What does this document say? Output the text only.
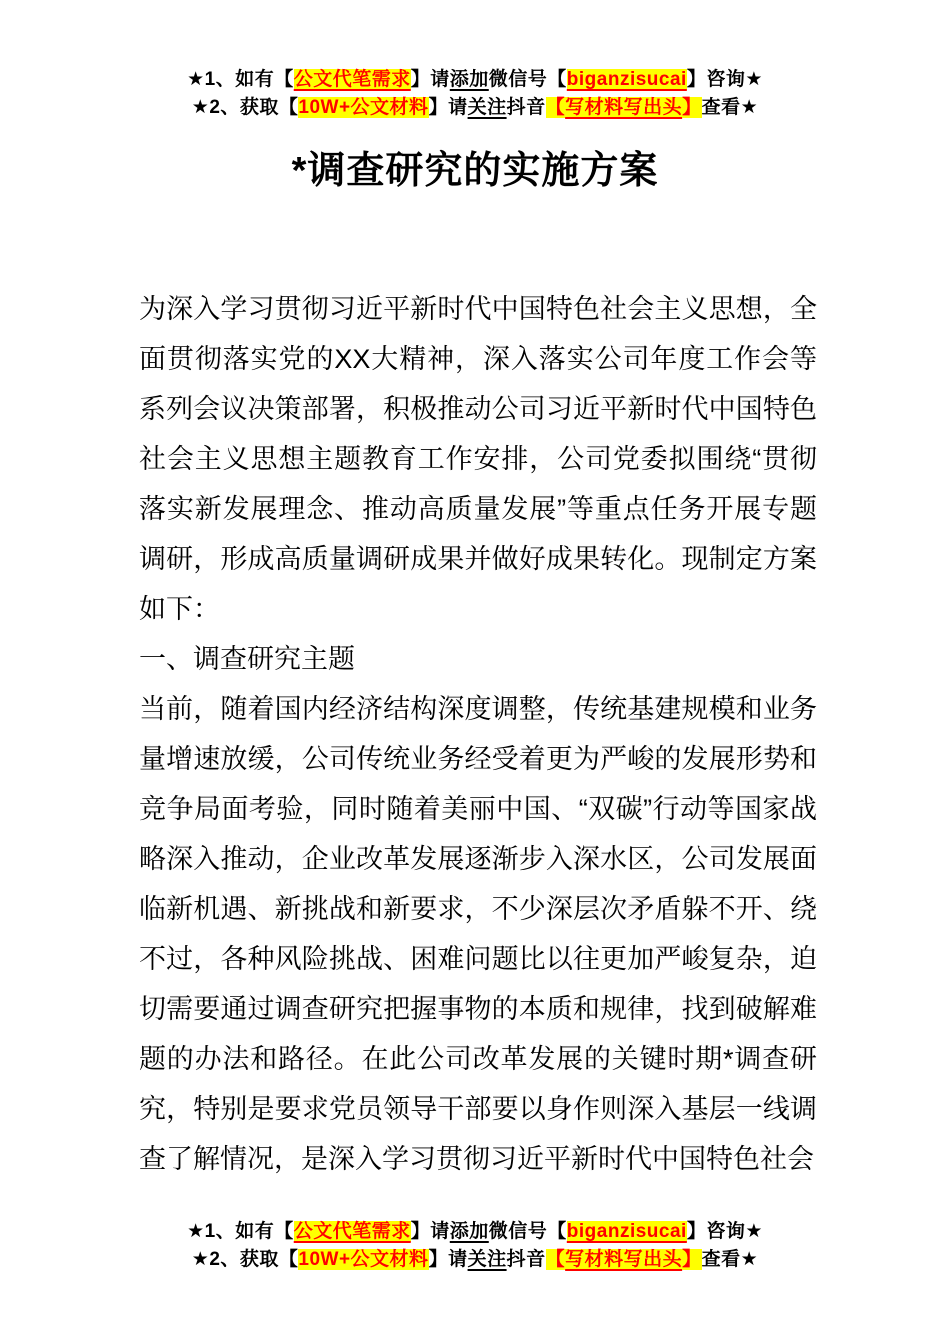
★1、如有【公文代笔需求】请添加微信号【biganzisucai】咨询★
★2、获取【10W+公文材料】请关注抖音【写材料写出头】查看★
*调查研究的实施方案

为深入学习贯彻习近平新时代中国特色社会主义思想，全面贯彻落实党的XX大精神，深入落实公司年度工作会等系列会议决策部署，积极推动公司习近平新时代中国特色社会主义思想主题教育工作安排，公司党委拟围绕“贯彻落实新发展理念、推动高质量发展”等重点任务开展专题调研，形成高质量调研成果并做好成果转化。现制定方案如下：

一、调查研究主题

当前，随着国内经济结构深度调整，传统基建规模和业务量增速放缓，公司传统业务经受着更为严峻的发展形势和竞争局面考验，同时随着美丽中国、“双碳”行动等国家战略深入推动，企业改革发展逐渐步入深水区，公司发展面临新机遇、新挑战和新要求，不少深层次矛盾躲不开、绕不过，各种风险挑战、困难问题比以往更加严峻复杂，迫切需要通过调查研究把握事物的本质和规律，找到破解难题的办法和路径。在此公司改革发展的关键时期*调查研究，特别是要求党员领导干部要以身作则深入基层一线调查了解情况，是深入学习贯彻习近平新时代中国特色社会

★1、如有【公文代笔需求】请添加微信号【biganzisucai】咨询★
★2、获取【10W+公文材料】请关注抖音【写材料写出头】查看★
